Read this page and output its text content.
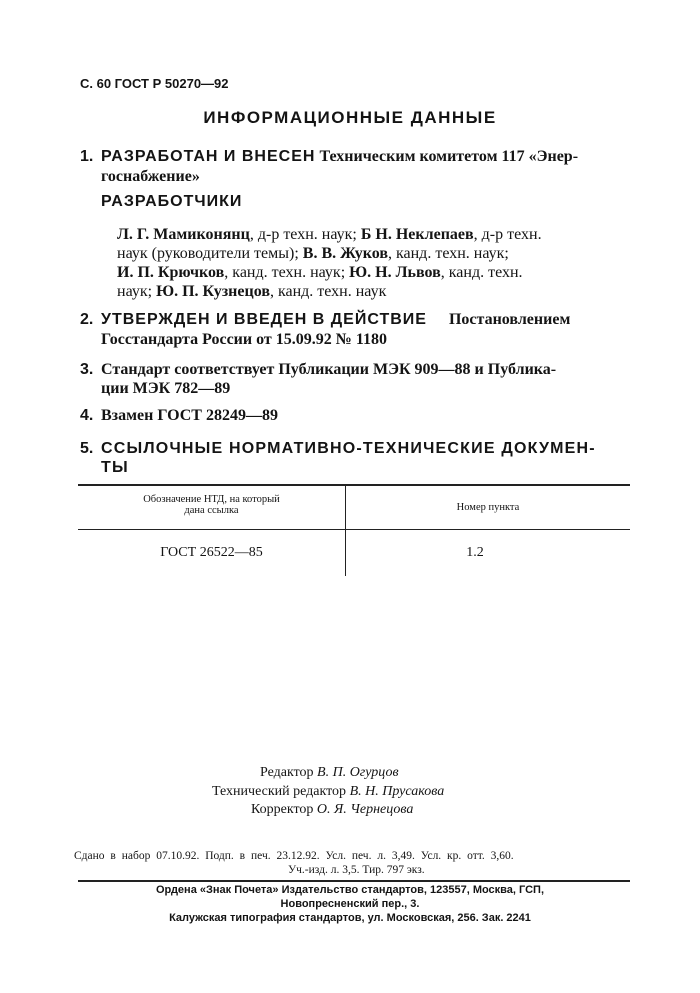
С. 60 ГОСТ Р 50270—92
ИНФОРМАЦИОННЫЕ ДАННЫЕ
1. РАЗРАБОТАН И ВНЕСЕН Техническим комитетом 117 «Энер-
госнабжение»
РАЗРАБОТЧИКИ
Л. Г. Мамиконянц, д-р техн. наук; Б Н. Неклепаев, д-р техн.
наук (руководители темы); В. В. Жуков, канд. техн. наук;
И. П. Крючков, канд. техн. наук; Ю. Н. Львов, канд. техн.
наук; Ю. П. Кузнецов, канд. техн. наук
2. УТВЕРЖДЕН И ВВЕДЕН В ДЕЙСТВИЕ Постановлением
Госстандарта России от 15.09.92 № 1180
3. Стандарт соответствует Публикации МЭК 909—88 и Публика-
ции МЭК 782—89
4. Взамен ГОСТ 28249—89
5. ССЫЛОЧНЫЕ НОРМАТИВНО-ТЕХНИЧЕСКИЕ ДОКУМЕН-
ТЫ
Обозначение НТД, на который
дана ссылка	Номер пункта
ГОСТ 26522—85	1.2
Редактор В. П. Огурцов
Технический редактор В. Н. Прусакова
Корректор О. Я. Чернецова
Сдано в набор 07.10.92. Подп. в печ. 23.12.92. Усл. печ. л. 3,49. Усл. кр. отт. 3,60.
Уч.-изд. л. 3,5. Тир. 797 экз.
Ордена «Знак Почета» Издательство стандартов, 123557, Москва, ГСП,
Новопресненский пер., 3.
Калужская типография стандартов, ул. Московская, 256. Зак. 2241
